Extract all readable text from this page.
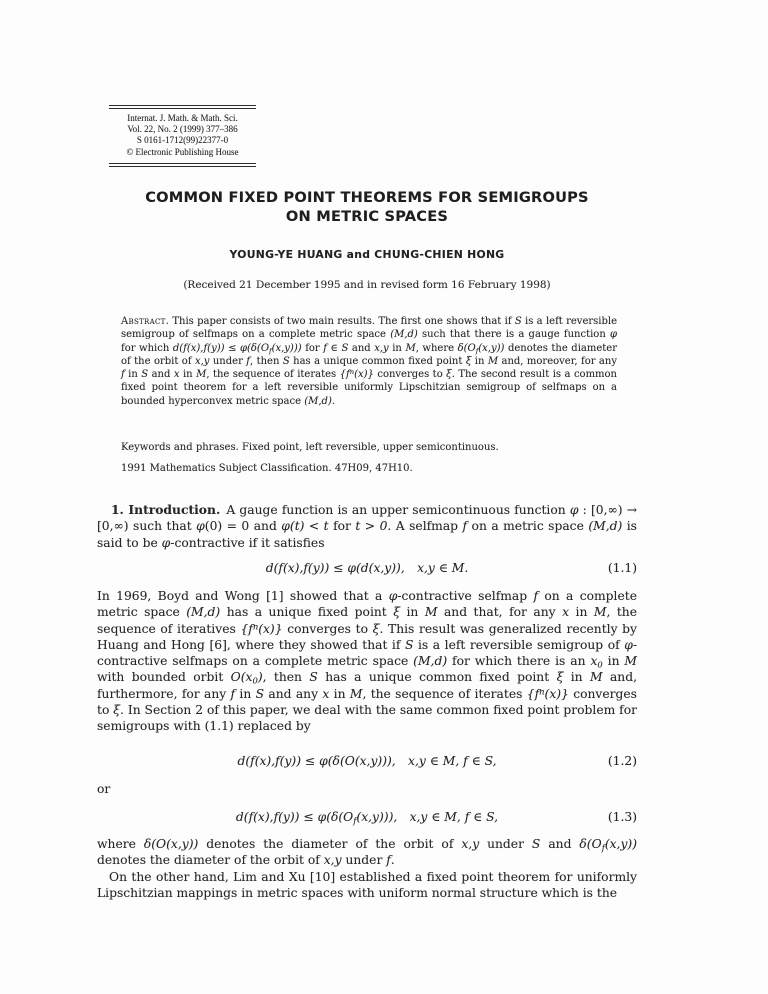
Internat. J. Math. & Math. Sci.
Vol. 22, No. 2 (1999) 377–386
S 0161-1712(99)22377-0
© Electronic Publishing House
COMMON FIXED POINT THEOREMS FOR SEMIGROUPS
ON METRIC SPACES
YOUNG-YE HUANG and CHUNG-CHIEN HONG
(Received 21 December 1995 and in revised form 16 February 1998)

Abstract. This paper consists of two main results. The first one shows that if S is a left reversible semigroup of selfmaps on a complete metric space (M,d) such that there is a gauge function φ for which $d(f(x),f(y)) \le \varphi(\delta(O_f(x,y)))$ for f ∈ S and x,y in M, where $\delta(O_f(x,y))$ denotes the diameter of the orbit of x,y under f, then S has a unique common fixed point ξ in M and, moreover, for any f in S and x in M, the sequence of iterates $\{f^n(x)\}$ converges to ξ. The second result is a common fixed point theorem for a left reversible uniformly Lipschitzian semigroup of selfmaps on a bounded hyperconvex metric space (M,d).

Keywords and phrases. Fixed point, left reversible, upper semicontinuous.

1991 Mathematics Subject Classification. 47H09, 47H10.

1. Introduction. A gauge function is an upper semicontinuous function φ : [0,∞) → [0,∞) such that φ(0) = 0 and φ(t) < t for t > 0. A selfmap f on a metric space (M,d) is said to be φ-contractive if it satisfies

d(f(x),f(y)) ≤ φ(d(x,y)),  x,y ∈ M.	(1.1)

In 1969, Boyd and Wong [1] showed that a φ-contractive selfmap f on a complete metric space (M,d) has a unique fixed point ξ in M and that, for any x in M, the sequence of iteratives $\{f^n(x)\}$ converges to ξ. This result was generalized recently by Huang and Hong [6], where they showed that if S is a left reversible semigroup of φ-contractive selfmaps on a complete metric space (M,d) for which there is an $x_0$ in M with bounded orbit $O(x_0)$, then S has a unique common fixed point ξ in M and, furthermore, for any f in S and any x in M, the sequence of iterates $\{f^n(x)\}$ converges to ξ. In Section 2 of this paper, we deal with the same common fixed point problem for semigroups with (1.1) replaced by

d(f(x),f(y)) ≤ φ(δ(O(x,y))),  x,y ∈ M, f ∈ S,	(1.2)

or

$d(f(x),f(y)) \le \varphi(\delta(O_f(x,y)))$,  x,y ∈ M, f ∈ S,	(1.3)

where δ(O(x,y)) denotes the diameter of the orbit of x,y under S and $\delta(O_f(x,y))$ denotes the diameter of the orbit of x,y under f.

On the other hand, Lim and Xu [10] established a fixed point theorem for uniformly Lipschitzian mappings in metric spaces with uniform normal structure which is the
